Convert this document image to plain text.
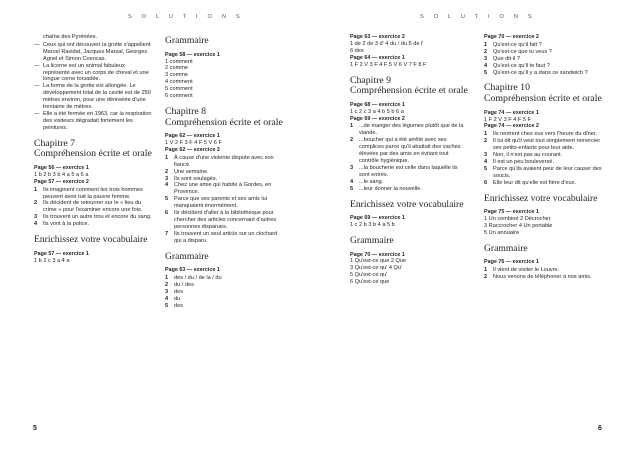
S O L U T I O N S	S O L U T I O N S

chaîne des Pyrénées.

— Ceux qui ont découvert la grotte s'appellent Marcel Ravidat, Jacques Marsal, Georges Agnel et Simon Coencas.
— La licorne est un animal fabuleux représenté avec un corps de cheval et une longue corne torsadée.
— La forme de la grotte est allongée. Le développement total de la cavité est de 250 mètres environ, pour une dénivelée d'une trentaine de mètres.
— Elle a été fermée en 1963, car la respiration des visiteurs dégradait fortement les peintures.
Chapitre 7
Compréhension écrite et orale

Page 56 — exercice 1

1 b 2 b 3 b 4 a 5 a 6 a

Page 57 — exercice 2

1	Ils imaginent comment les trois hommes peuvent avoir tué la pauvre femme.
2	Ils décident de retourner sur le « lieu du crime » pour l'examiner encore une fois.
3	Ils trouvent un autre trou et encore du sang.
4	Ils vont à la police.
Enrichissez votre vocabulaire

Page 57 — exercice 1

1 b 2 c 3 a 4 a

Grammaire

Page 58 — exercice 1

1 comment

2 comme

3 comme

4 comment

5 comment

6 comment

Chapitre 8
Compréhension écrite et orale

Page 62 — exercice 1

1 V 2 F 3 F 4 F 5 V 6 F

Page 62 — exercice 2

1	À cause d'une violente dispute avec son fiancé.
2	Une semaine.
3	Ils sont soulagés.
4	Chez une amie qui habite à Gordes, en Provence.
5	Parce que ses parents et ses amis lui manquaient énormément.
6	Ils décident d'aller à la bibliothèque pour chercher des articles concernant d'autres personnes disparues.
7	Ils trouvent un seul article sur un clochard qui a disparu.
Grammaire

Page 63 — exercice 1

1	des / du / de la / du
2	du / des
3	des
4	du
5	des

Page 63 — exercice 2

1 de 2 de 3 d' 4 du / du 5 de l'

6 des

Page 64 — exercice 1

1 F 2 V 3 F 4 F 5 V 6 V 7 F 8 F

Chapitre 9
Compréhension écrite et orale

Page 68 — exercice 1

1 c 2 c 3 a 4 b 5 b 6 a

Page 69 — exercice 2

1	...de manger des légumes plutôt que de la viande.
2	...boucher qui a été arrêté avec ses complices parce qu'il abattait des vaches élevées par des amis en évitant tout contrôle hygiénique.
3	...la boucherie est celle dans laquelle ils sont entrés.
4	...le sang.
5	...leur donner la nouvelle.
Enrichissez votre vocabulaire

Page 69 — exercice 1

1 c 2 b 3 b 4 a 5 b

Grammaire

Page 70 — exercice 1

1 Qu'est-ce que 2 Que

3 Qu'est-ce qu' 4 Qu'

5 Qu'est-ce qu'

6 Qu'est-ce que

Page 70 — exercice 2

1	Qu'est-ce qu'il fait ?
2	Qu'est-ce que tu veux ?
3	Que dit-il ?
4	Qu'est-ce qu'il te faut ?
5	Qu'est-ce qu'il y a dans ce sandwich ?
Chapitre 10
Compréhension écrite et orale

Page 74 — exercice 1

1 F 2 V 3 F 4 F 5 F

Page 74 — exercice 2

1	Ils rentrent chez eux vers l'heure du dîner.
2	Il lui dit qu'il veut tout simplement remercier ses petits-enfants pour leur aide.
3	Non, il n'est pas au courant.
4	Il est un peu bouleversé.
5	Parce qu'ils avaient peur de leur causer des soucis.
6	Elle leur dit qu'elle est fière d'eux.
Enrichissez votre vocabulaire

Page 75 — exercice 1

1 Un combiné 2 Décrocher

3 Raccrocher 4 Un portable

5 Un annuaire

Grammaire

Page 76 — exercice 1

1	Il vient de visiter le Louvre.
2	Nous venons de téléphoner à nos amis.
5	6
